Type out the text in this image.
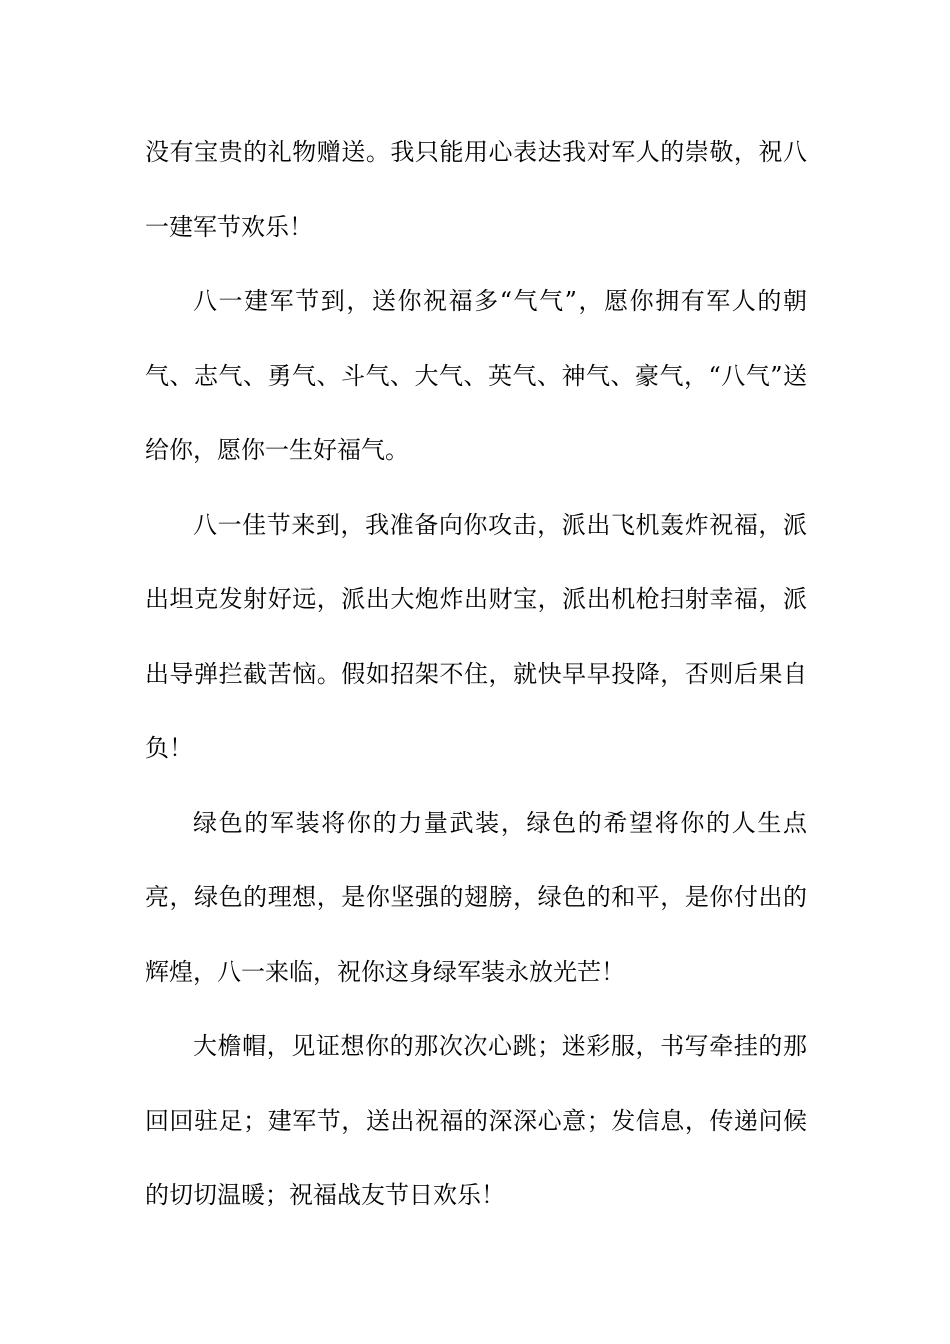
没有宝贵的礼物赠送。我只能用心表达我对军人的崇敬，祝八一建军节欢乐！

八一建军节到，送你祝福多“气气”，愿你拥有军人的朝气、志气、勇气、斗气、大气、英气、神气、豪气，“八气”送给你，愿你一生好福气。

八一佳节来到，我准备向你攻击，派出飞机轰炸祝福，派出坦克发射好远，派出大炮炸出财宝，派出机枪扫射幸福，派出导弹拦截苦恼。假如招架不住，就快早早投降，否则后果自负！

绿色的军装将你的力量武装，绿色的希望将你的人生点亮，绿色的理想，是你坚强的翅膀，绿色的和平，是你付出的辉煌，八一来临，祝你这身绿军装永放光芒！

大檐帽，见证想你的那次次心跳；迷彩服，书写牵挂的那回回驻足；建军节，送出祝福的深深心意；发信息，传递问候的切切温暖；祝福战友节日欢乐！
